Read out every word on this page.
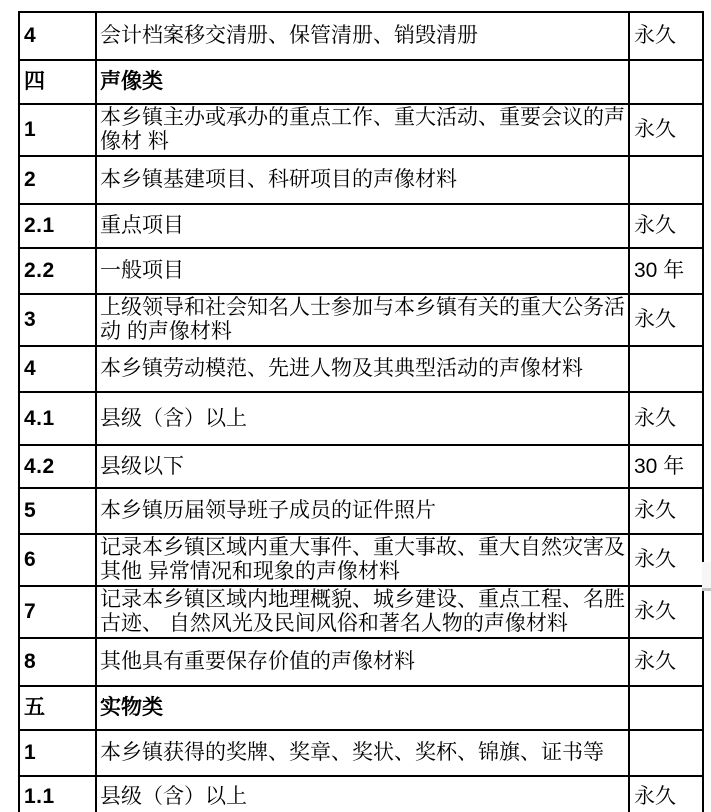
4	会计档案移交清册、保管清册、销毁清册	永久
四	声像类	
1	本乡镇主办或承办的重点工作、重大活动、重要会议的声像材 料	永久
2	本乡镇基建项目、科研项目的声像材料	
2.1	重点项目	永久
2.2	一般项目	30 年
3	上级领导和社会知名人士参加与本乡镇有关的重大公务活动 的声像材料	永久
4	本乡镇劳动模范、先进人物及其典型活动的声像材料	
4.1	县级（含）以上	永久
4.2	县级以下	30 年
5	本乡镇历届领导班子成员的证件照片	永久
6	记录本乡镇区域内重大事件、重大事故、重大自然灾害及其他 异常情况和现象的声像材料	永久
7	记录本乡镇区域内地理概貌、城乡建设、重点工程、名胜古迹、 自然风光及民间风俗和著名人物的声像材料	永久
8	其他具有重要保存价值的声像材料	永久
五	实物类	
1	本乡镇获得的奖牌、奖章、奖状、奖杯、锦旗、证书等	
1.1	县级（含）以上	永久
